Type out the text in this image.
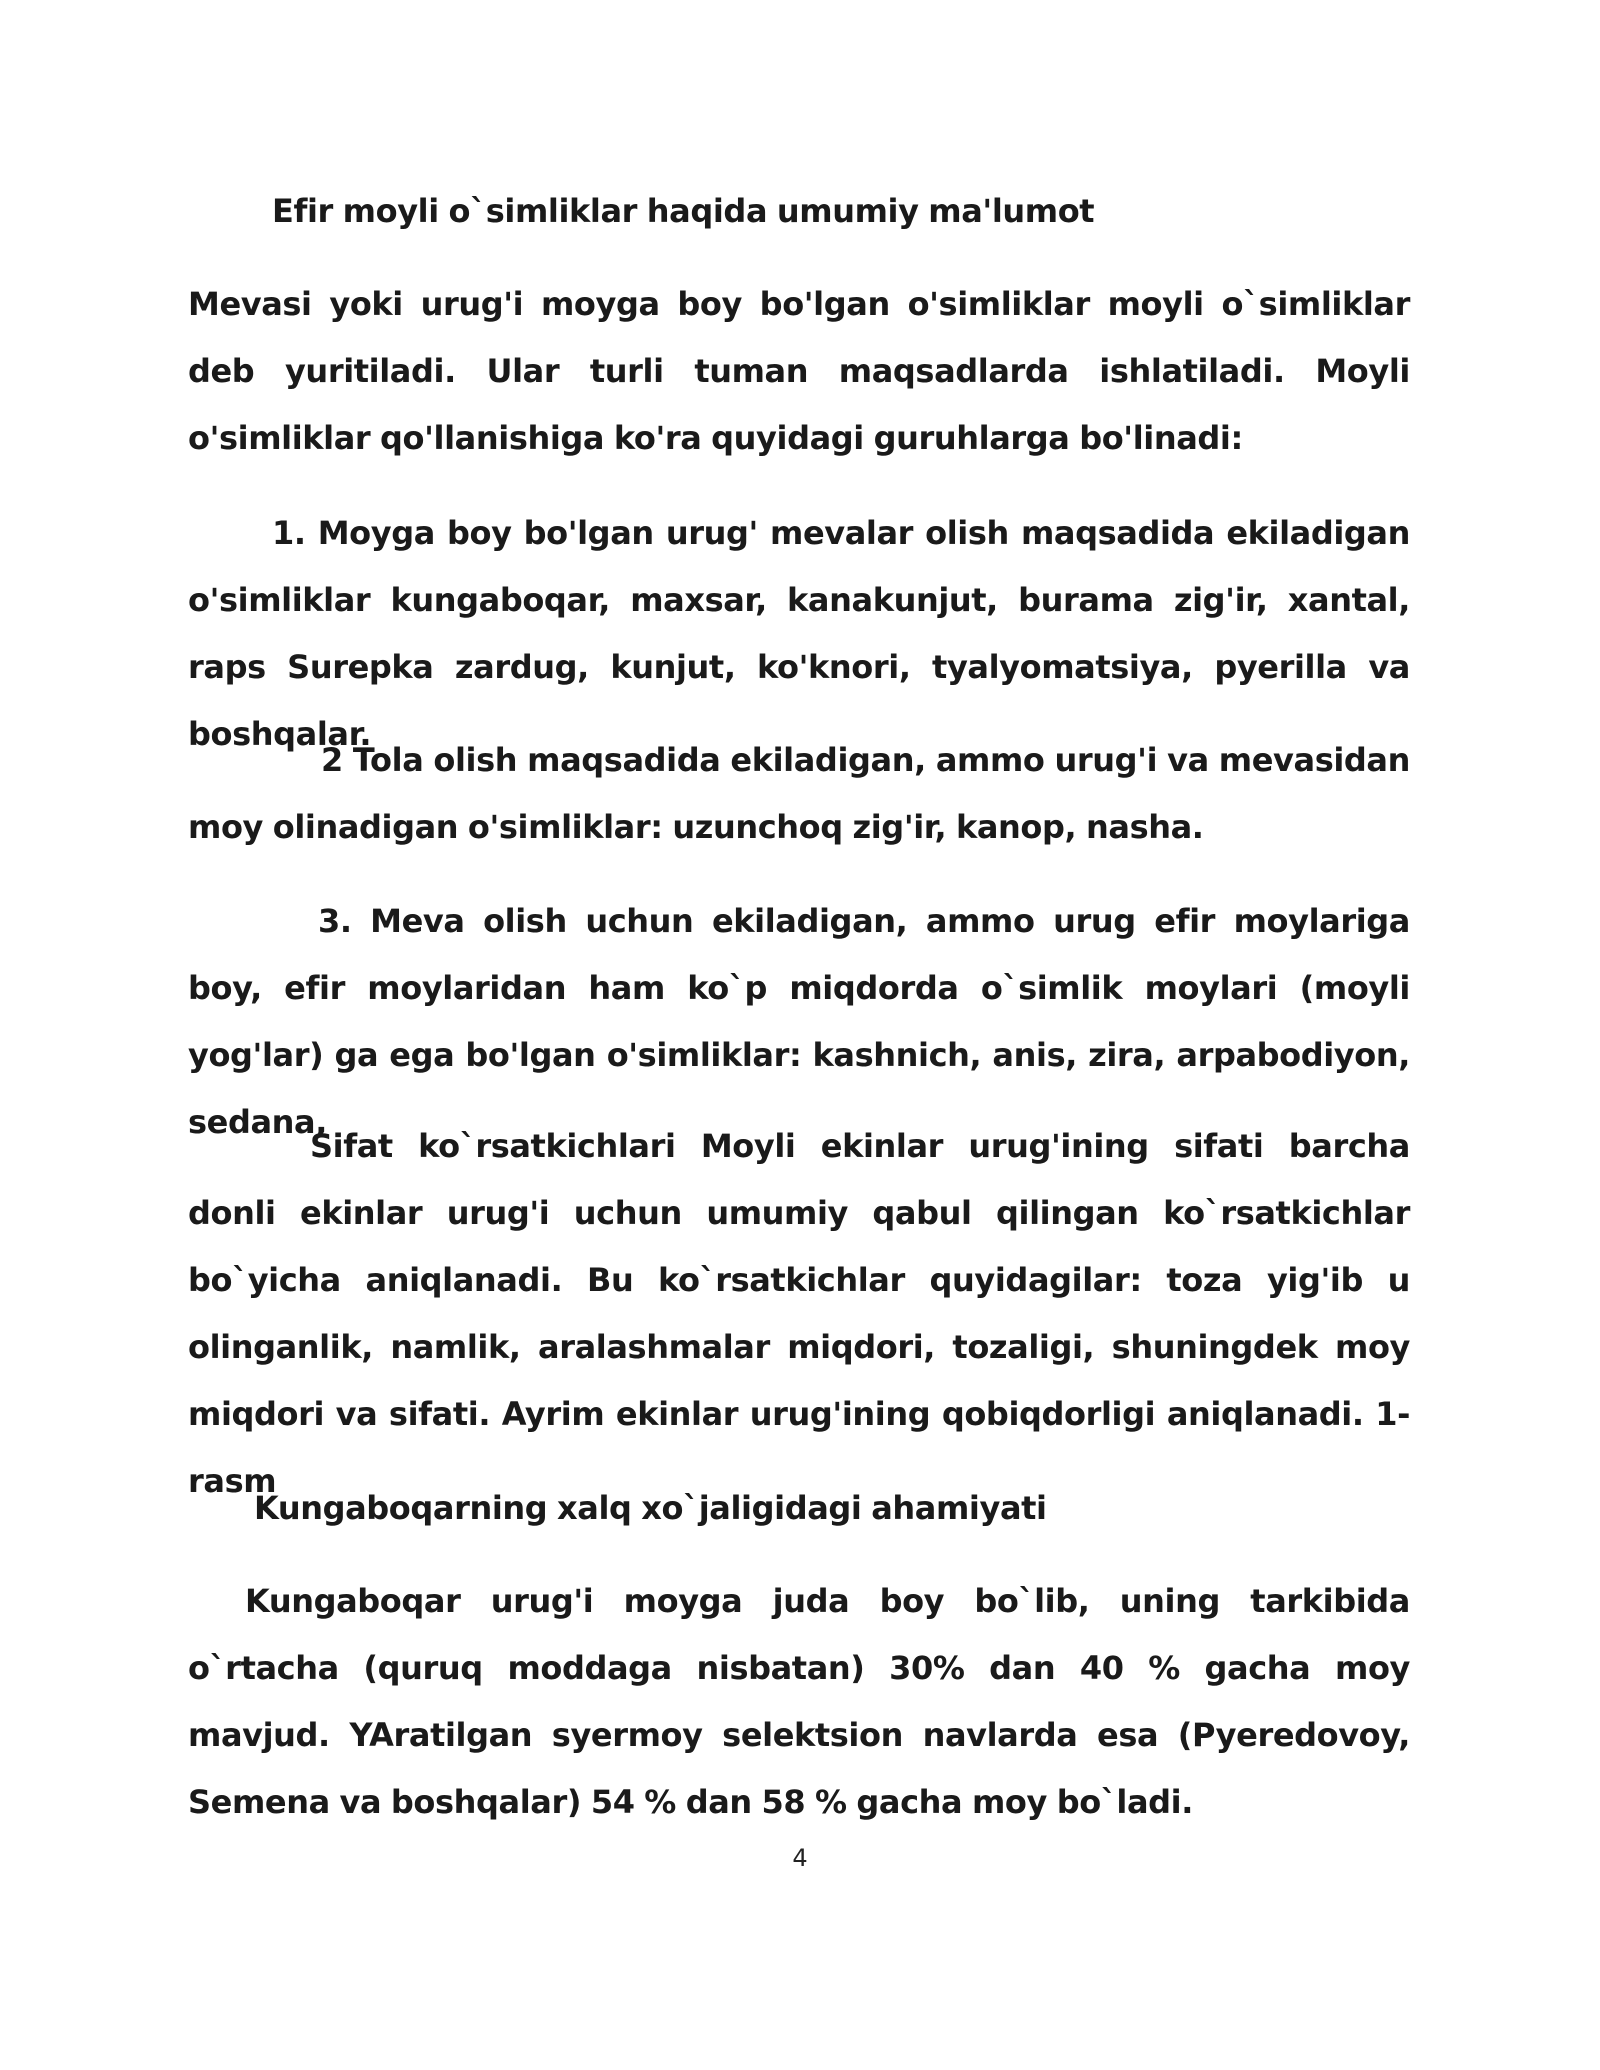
Efir moyli o`simliklar haqida umumiy ma'lumot
Mevasi yoki urug'i moyga boy bo'lgan o'simliklar moyli o`simliklar deb yuritiladi. Ular turli tuman maqsadlarda ishlatiladi. Moyli o'simliklar qo'llanishiga ko'ra quyidagi guruhlarga bo'linadi:
1. Moyga boy bo'lgan urug' mevalar olish maqsadida ekiladigan o'simliklar kungaboqar, maxsar, kanakunjut, burama zig'ir, xantal, raps Surepka zardug, kunjut, ko'knori, tyalyomatsiya, pyerilla va boshqalar.
2 Tola olish maqsadida ekiladigan, ammo urug'i va mevasidan moy olinadigan o'simliklar: uzunchoq zig'ir, kanop, nasha.
3. Meva olish uchun ekiladigan, ammo urug efir moylariga boy, efir moylaridan ham ko`p miqdorda o`simlik moylari (moyli yog'lar) ga ega bo'lgan o'simliklar: kashnich, anis, zira, arpabodiyon, sedana,
Sifat ko`rsatkichlari Moyli ekinlar urug'ining sifati barcha donli ekinlar urug'i uchun umumiy qabul qilingan ko`rsatkichlar bo`yicha aniqlanadi. Bu ko`rsatkichlar quyidagilar: toza yig'ib u olinganlik, namlik, aralashmalar miqdori, tozaligi, shuningdek moy miqdori va sifati. Ayrim ekinlar urug'ining qobiqdorligi aniqlanadi. 1- rasm
Kungaboqarning xalq xo`jaligidagi ahamiyati
Kungaboqar urug'i moyga juda boy bo`lib, uning tarkibida o`rtacha (quruq moddaga nisbatan) 30% dan 40 % gacha moy mavjud. YAratilgan syermoy selektsion navlarda esa (Pyeredovoy, Semena va boshqalar) 54 % dan 58 % gacha moy bo`ladi.
4
